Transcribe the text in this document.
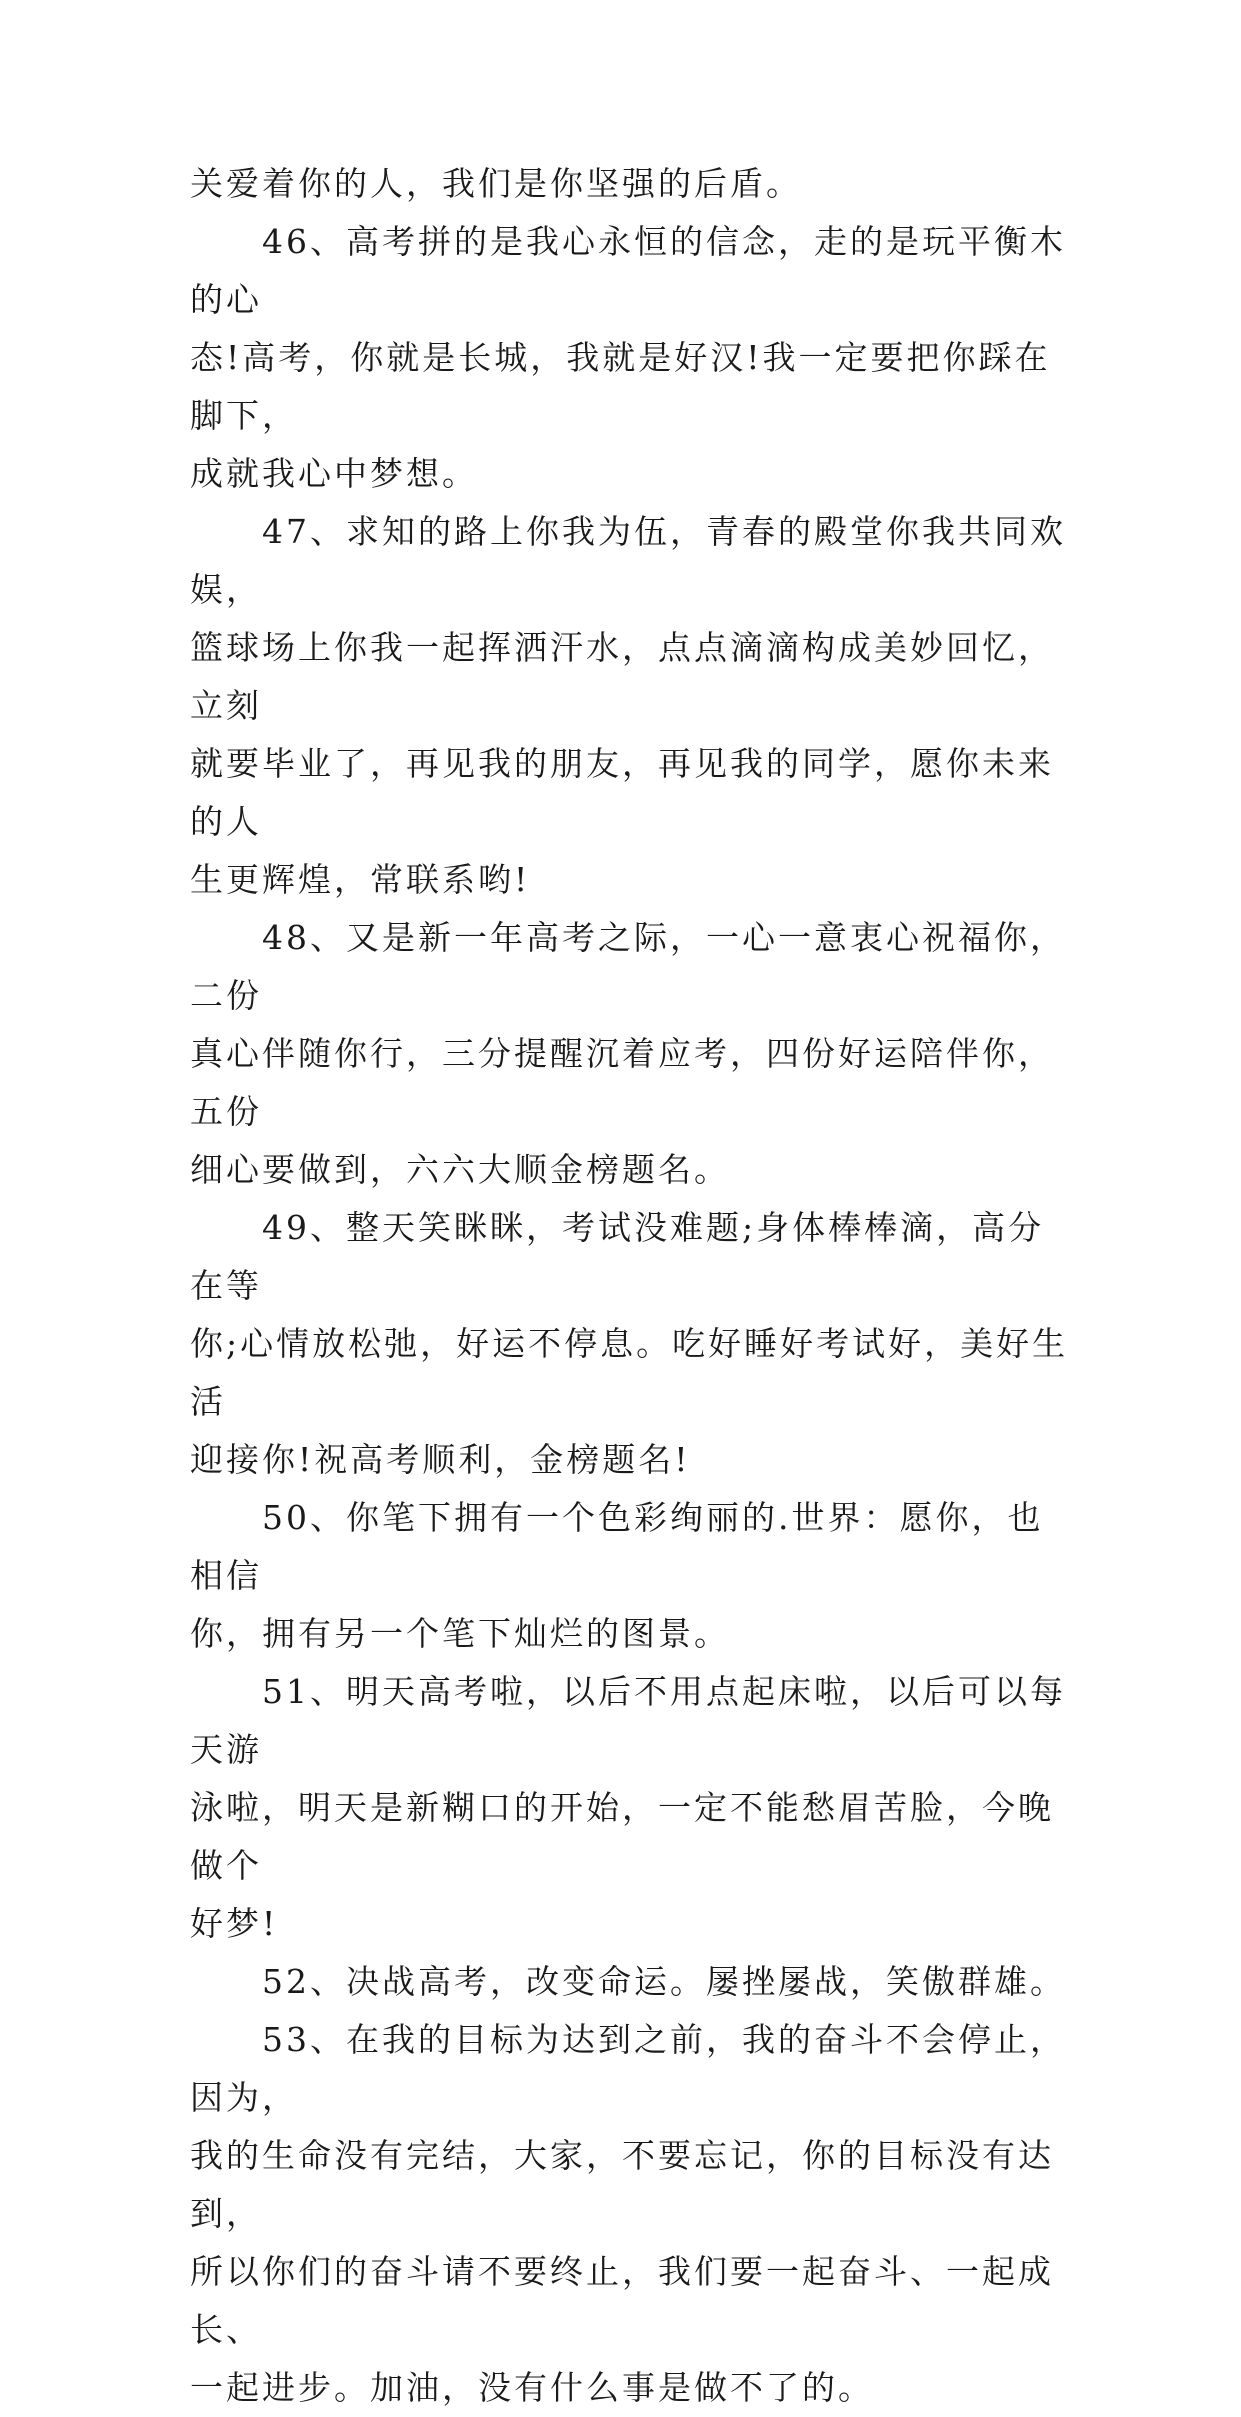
关爱着你的人，我们是你坚强的后盾。

　　46、高考拼的是我心永恒的信念，走的是玩平衡木的心
态!高考，你就是长城，我就是好汉!我一定要把你踩在脚下，
成就我心中梦想。

　　47、求知的路上你我为伍，青春的殿堂你我共同欢娱，
篮球场上你我一起挥洒汗水，点点滴滴构成美妙回忆，立刻
就要毕业了，再见我的朋友，再见我的同学，愿你未来的人
生更辉煌，常联系哟!

　　48、又是新一年高考之际，一心一意衷心祝福你，二份
真心伴随你行，三分提醒沉着应考，四份好运陪伴你，五份
细心要做到，六六大顺金榜题名。

　　49、整天笑眯眯，考试没难题;身体棒棒滴，高分在等
你;心情放松弛，好运不停息。吃好睡好考试好，美好生活
迎接你!祝高考顺利，金榜题名!

　　50、你笔下拥有一个色彩绚丽的.世界：愿你，也相信
你，拥有另一个笔下灿烂的图景。

　　51、明天高考啦，以后不用点起床啦，以后可以每天游
泳啦，明天是新糊口的开始，一定不能愁眉苦脸，今晚做个
好梦!

　　52、决战高考，改变命运。屡挫屡战，笑傲群雄。

　　53、在我的目标为达到之前，我的奋斗不会停止，因为，
我的生命没有完结，大家，不要忘记，你的目标没有达到，
所以你们的奋斗请不要终止，我们要一起奋斗、一起成长、
一起进步。加油，没有什么事是做不了的。
